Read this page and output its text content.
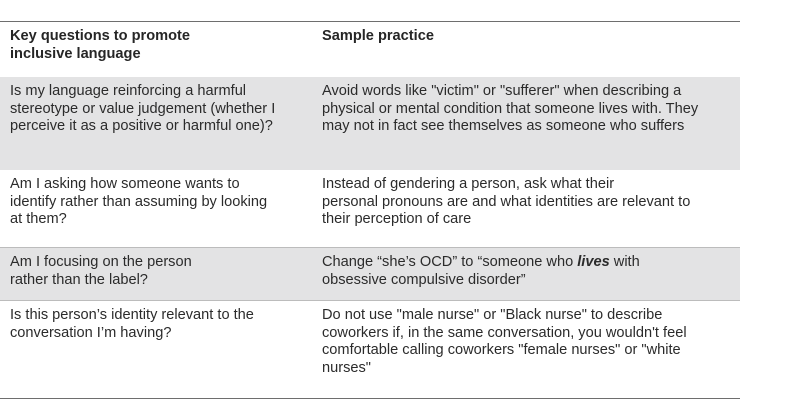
Key questions to promote
inclusive language
Sample practice
Is my language reinforcing a harmful
stereotype or value judgement (whether I
perceive it as a positive or harmful one)?
Avoid words like "victim" or "sufferer" when describing a
physical or mental condition that someone lives with. They
may not in fact see themselves as someone who suffers
Am I asking how someone wants to
identify rather than assuming by looking
at them?
Instead of gendering a person, ask what their
personal pronouns are and what identities are relevant to
their perception of care
Am I focusing on the person
rather than the label?
Change “she’s OCD” to “someone who lives with
obsessive compulsive disorder”
Is this person’s identity relevant to the
conversation I’m having?
Do not use "male nurse" or "Black nurse" to describe
coworkers if, in the same conversation, you wouldn't feel
comfortable calling coworkers "female nurses" or "white
nurses"
